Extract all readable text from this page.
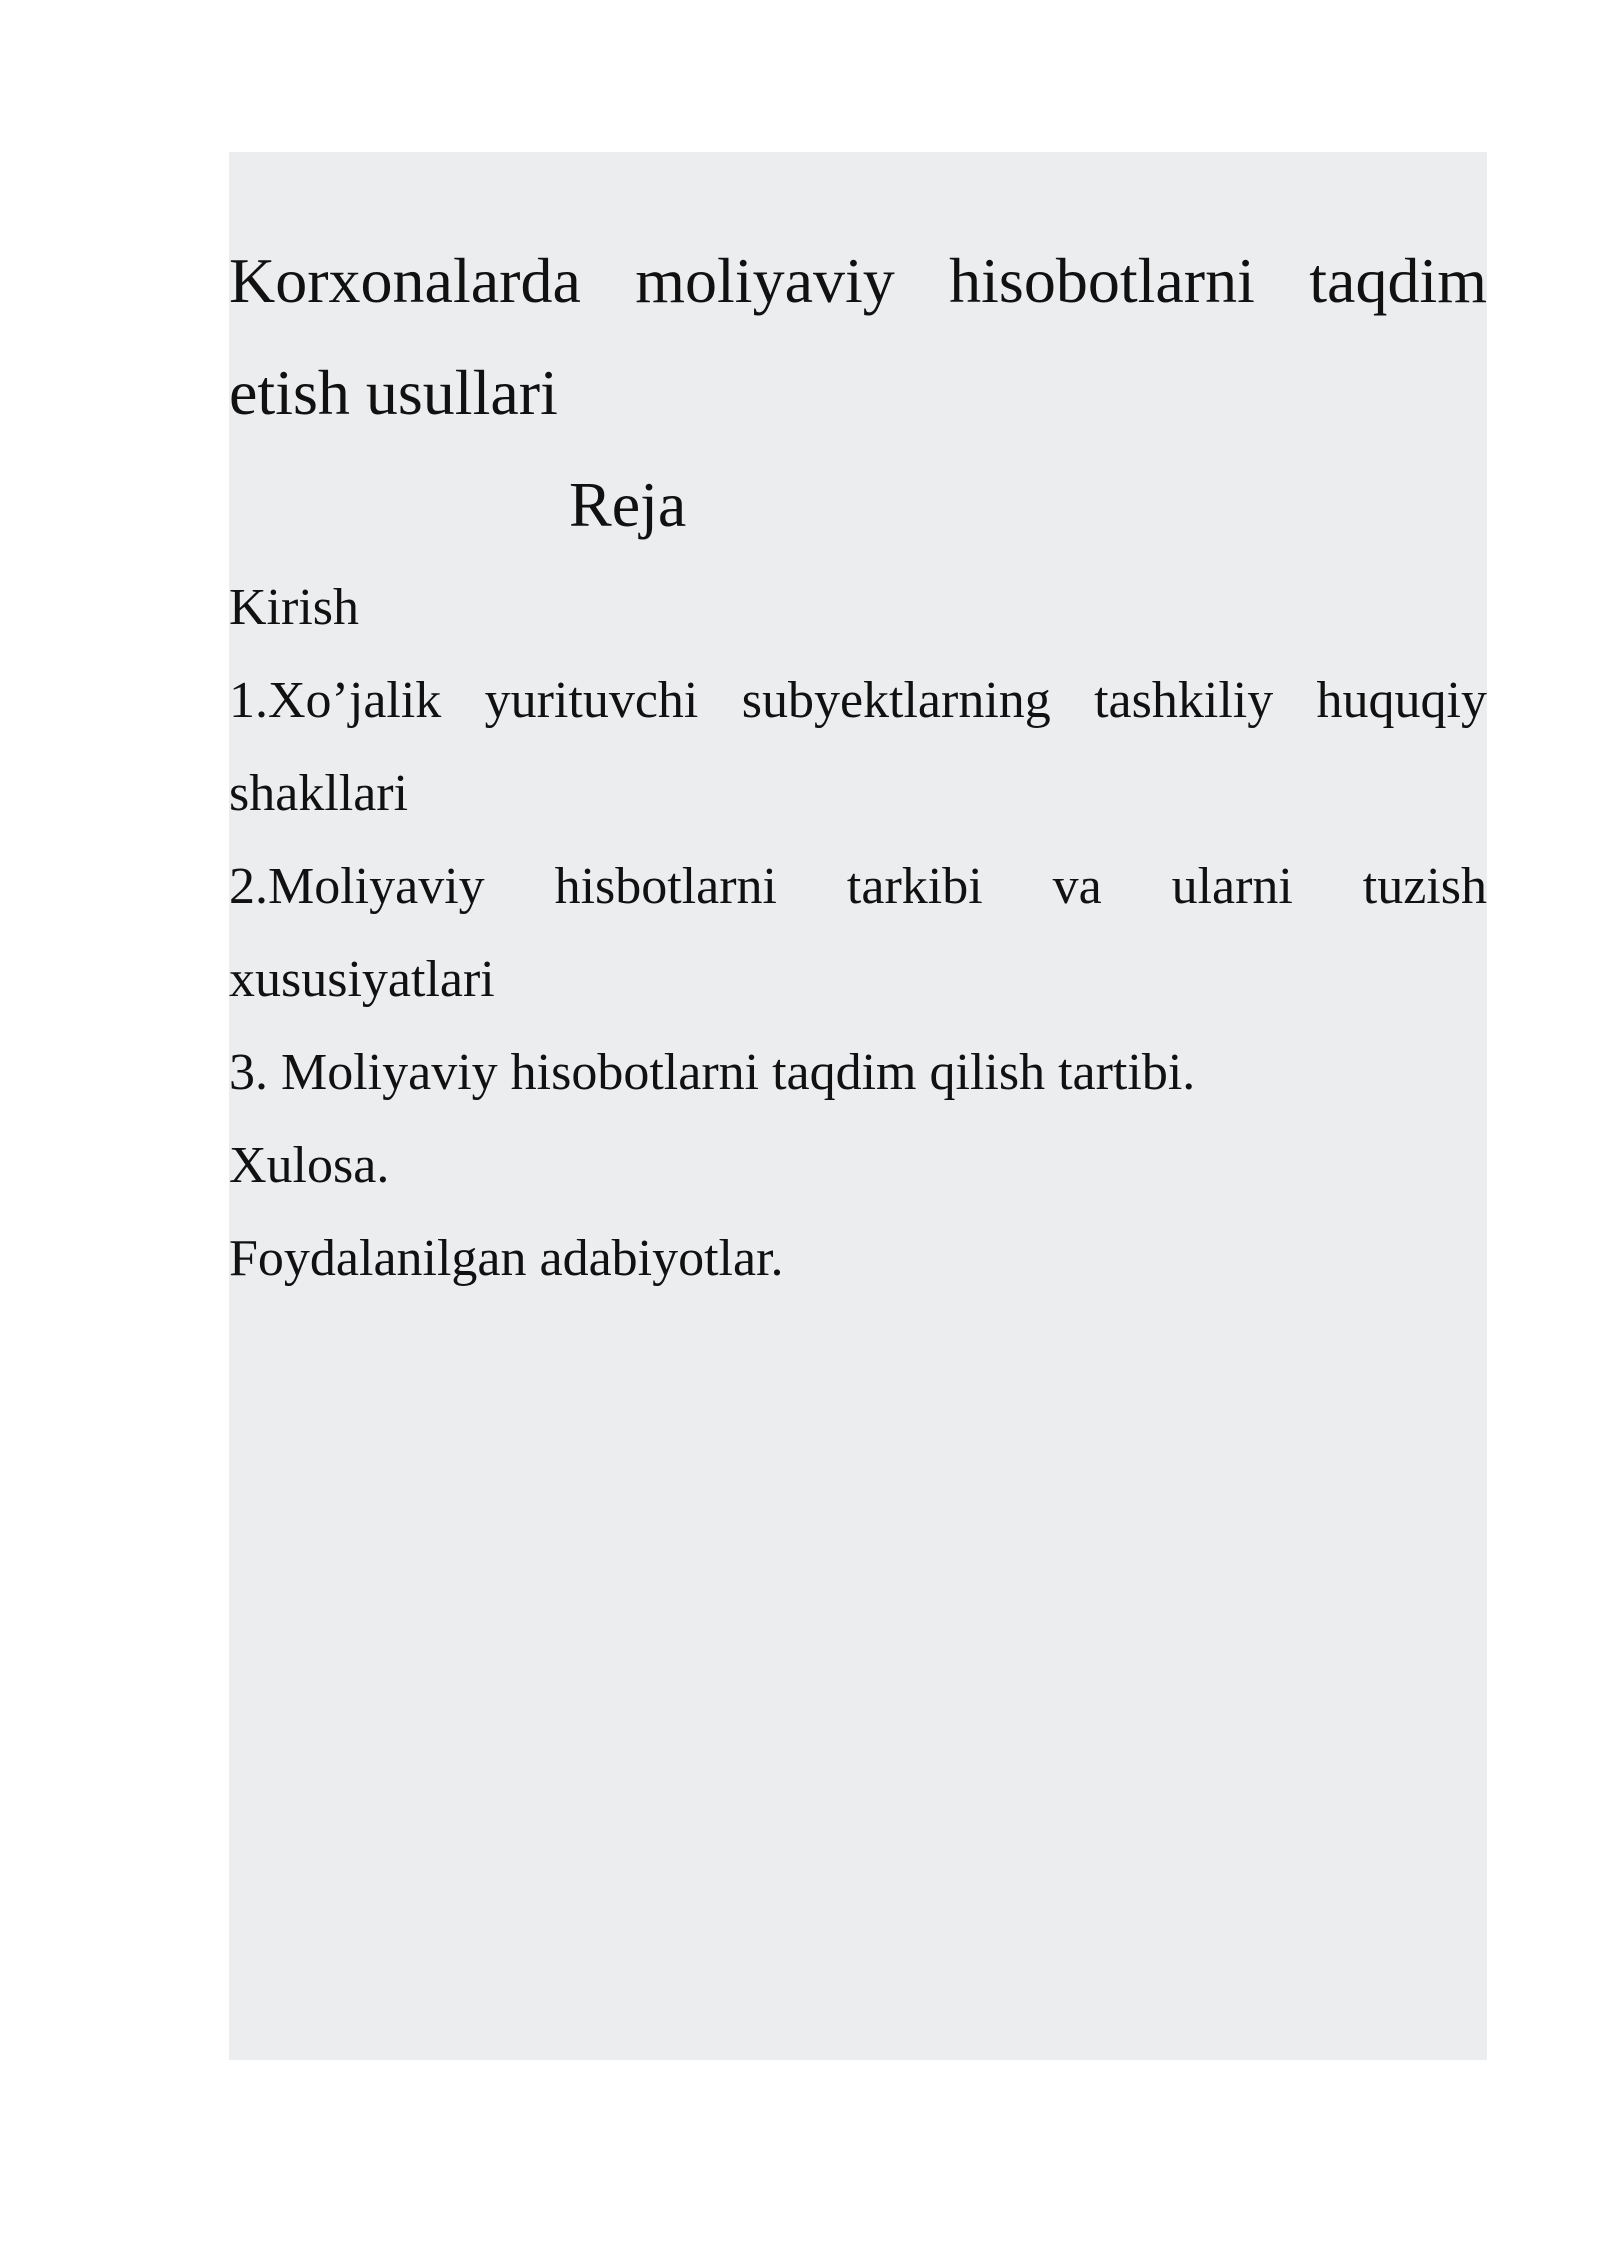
Korxonalarda moliyaviy hisobotlarni taqdim
etish usullari
Reja

Kirish

1.Xo’jalik yurituvchi subyektlarning tashkiliy huquqiy
shakllari

2.Moliyaviy hisbotlarni tarkibi va ularni tuzish
xususiyatlari

3. Moliyaviy hisobotlarni taqdim qilish tartibi.

Xulosa.

Foydalanilgan adabiyotlar.
